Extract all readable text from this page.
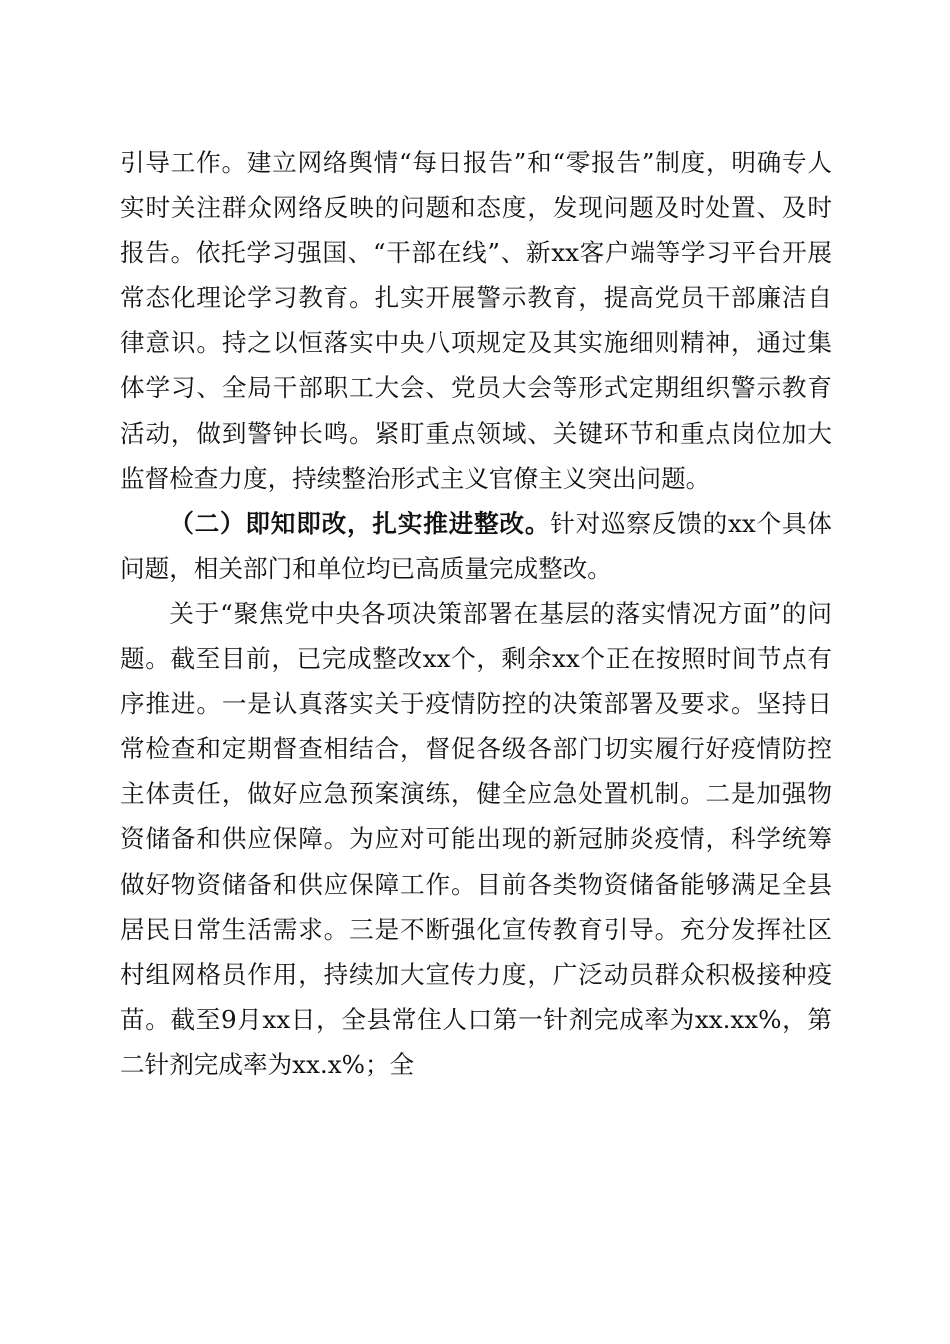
引导工作。建立网络舆情“每日报告”和“零报告”制度，明确专人实时关注群众网络反映的问题和态度，发现问题及时处置、及时报告。依托学习强国、“干部在线”、新xx客户端等学习平台开展常态化理论学习教育。扎实开展警示教育，提高党员干部廉洁自律意识。持之以恒落实中央八项规定及其实施细则精神，通过集体学习、全局干部职工大会、党员大会等形式定期组织警示教育活动，做到警钟长鸣。紧盯重点领域、关键环节和重点岗位加大监督检查力度，持续整治形式主义官僚主义突出问题。

（二）即知即改，扎实推进整改。针对巡察反馈的xx个具体问题，相关部门和单位均已高质量完成整改。

关于“聚焦党中央各项决策部署在基层的落实情况方面”的问题。截至目前，已完成整改xx个，剩余xx个正在按照时间节点有序推进。一是认真落实关于疫情防控的决策部署及要求。坚持日常检查和定期督查相结合，督促各级各部门切实履行好疫情防控主体责任，做好应急预案演练，健全应急处置机制。二是加强物资储备和供应保障。为应对可能出现的新冠肺炎疫情，科学统筹做好物资储备和供应保障工作。目前各类物资储备能够满足全县居民日常生活需求。三是不断强化宣传教育引导。充分发挥社区村组网格员作用，持续加大宣传力度，广泛动员群众积极接种疫苗。截至9月xx日，全县常住人口第一针剂完成率为xx.xx%，第二针剂完成率为xx.x%；全
